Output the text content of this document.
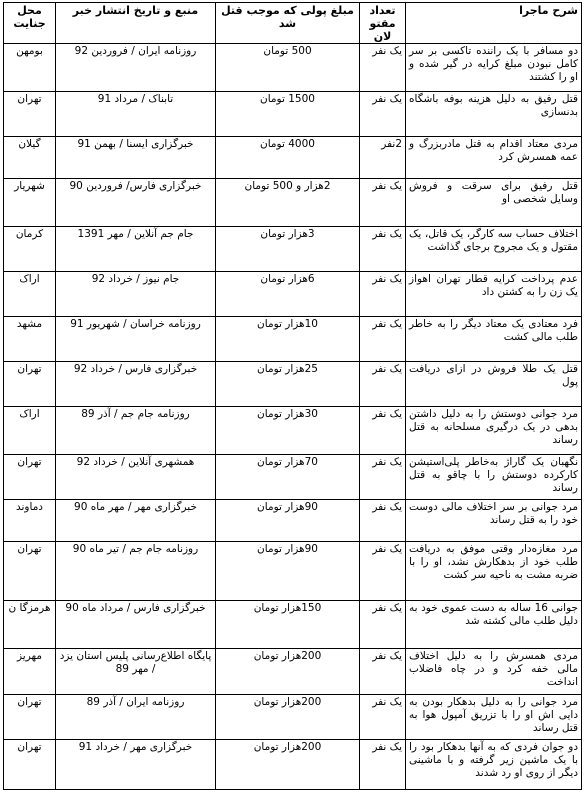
شرح ماجرا	تعداد مقتو لان	مبلغ پولی که موجب قتل شد	منبع و تاریخ انتشار خبر	محل جنایت
دو مسافر با یک راننده تاکسی بر سر کامل نبودن مبلغ کرایه در گیر شده و او را کشتند	یک نفر	500 تومان	روزنامه ایران / فروردین 92	بومهن
قتل رفیق به دلیل هزینه بوفه باشگاه بدنسازی	یک نفر	1500 تومان	تابناک / مرداد 91	تهران
مردی معتاد اقدام به قتل مادربزرگ و عمه همسرش کرد	2نفر	4000 تومان	خبرگزاری ایسنا / بهمن 91	گیلان
قتل رفیق برای سرقت و فروش وسایل شخصی او	یک نفر	2هزار و 500 تومان	خبرگزاری فارس/ فروردین 90	شهریار
اختلاف حساب سه کارگر، یک قاتل، یک مقتول و یک مجروح برجای گذاشت	یک نفر	3هزار تومان	جام جم آنلاین / مهر 1391	کرمان
عدم پرداخت کرایه قطار تهران اهواز یک زن را به کشتن داد	یک نفر	6هزار تومان	جام نیوز / خرداد 92	اراک
فرد معتادی یک معتاد دیگر را به خاطر طلب مالی کشت	یک نفر	10هزار تومان	روزنامه خراسان / شهریور 91	مشهد
قتل یک طلا فروش در ازای دریافت پول	یک نفر	25هزار تومان	خبرگزاری فارس / خرداد 92	تهران
مرد جوانی دوستش را به دلیل داشتن بدهی در یک درگیری مسلحانه به قتل رساند	یک نفر	30هزار تومان	روزنامه جام جم / آذر 89	اراک
نگهبان یک گاراژ به‌خاطر پلی‌استیشن کارکرده دوستش را با چاقو به قتل رساند	یک نفر	70هزار تومان	همشهری آنلاین / خرداد 92	تهران
مرد جوانی بر سر اختلاف مالی دوست خود را به قتل رساند	یک نفر	90هزار تومان	خبرگزاری مهر / مهر ماه 90	دماوند
مرد مغازه‌دار وقتی موفق به دریافت طلب خود از بدهکارش نشد، او را با ضربه مشت به ناحیه سر کشت	یک نفر	90هزار تومان	روزنامه جام جم / تیر ماه 90	تهران
جوانی 16 ساله به دست عموی خود به دلیل طلب مالی کشته شد	یک نفر	150هزار تومان	خبرگزاری فارس / مرداد ماه 90	هرمزگا ن
مردی همسرش را به دلیل اختلاف مالی خفه کرد و در چاه فاضلاب انداخت	یک نفر	200هزار تومان	پایگاه اطلاع‌رسانی پلیس استان یزد / مهر 89	مهریز
مرد جوانی را به دلیل بدهکار بودن به دایی اش او را با تزریق آمپول هوا به قتل رساند	یک نفر	200هزار تومان	روزنامه ایران / آذر 89	تهران
دو جوان فردی که به آنها بدهکار بود را با یک ماشین زیر گرفته و با ماشینی دیگر از روی او رد شدند	یک نفر	200هزار تومان	خبرگزاری مهر / خرداد 91	تهران
